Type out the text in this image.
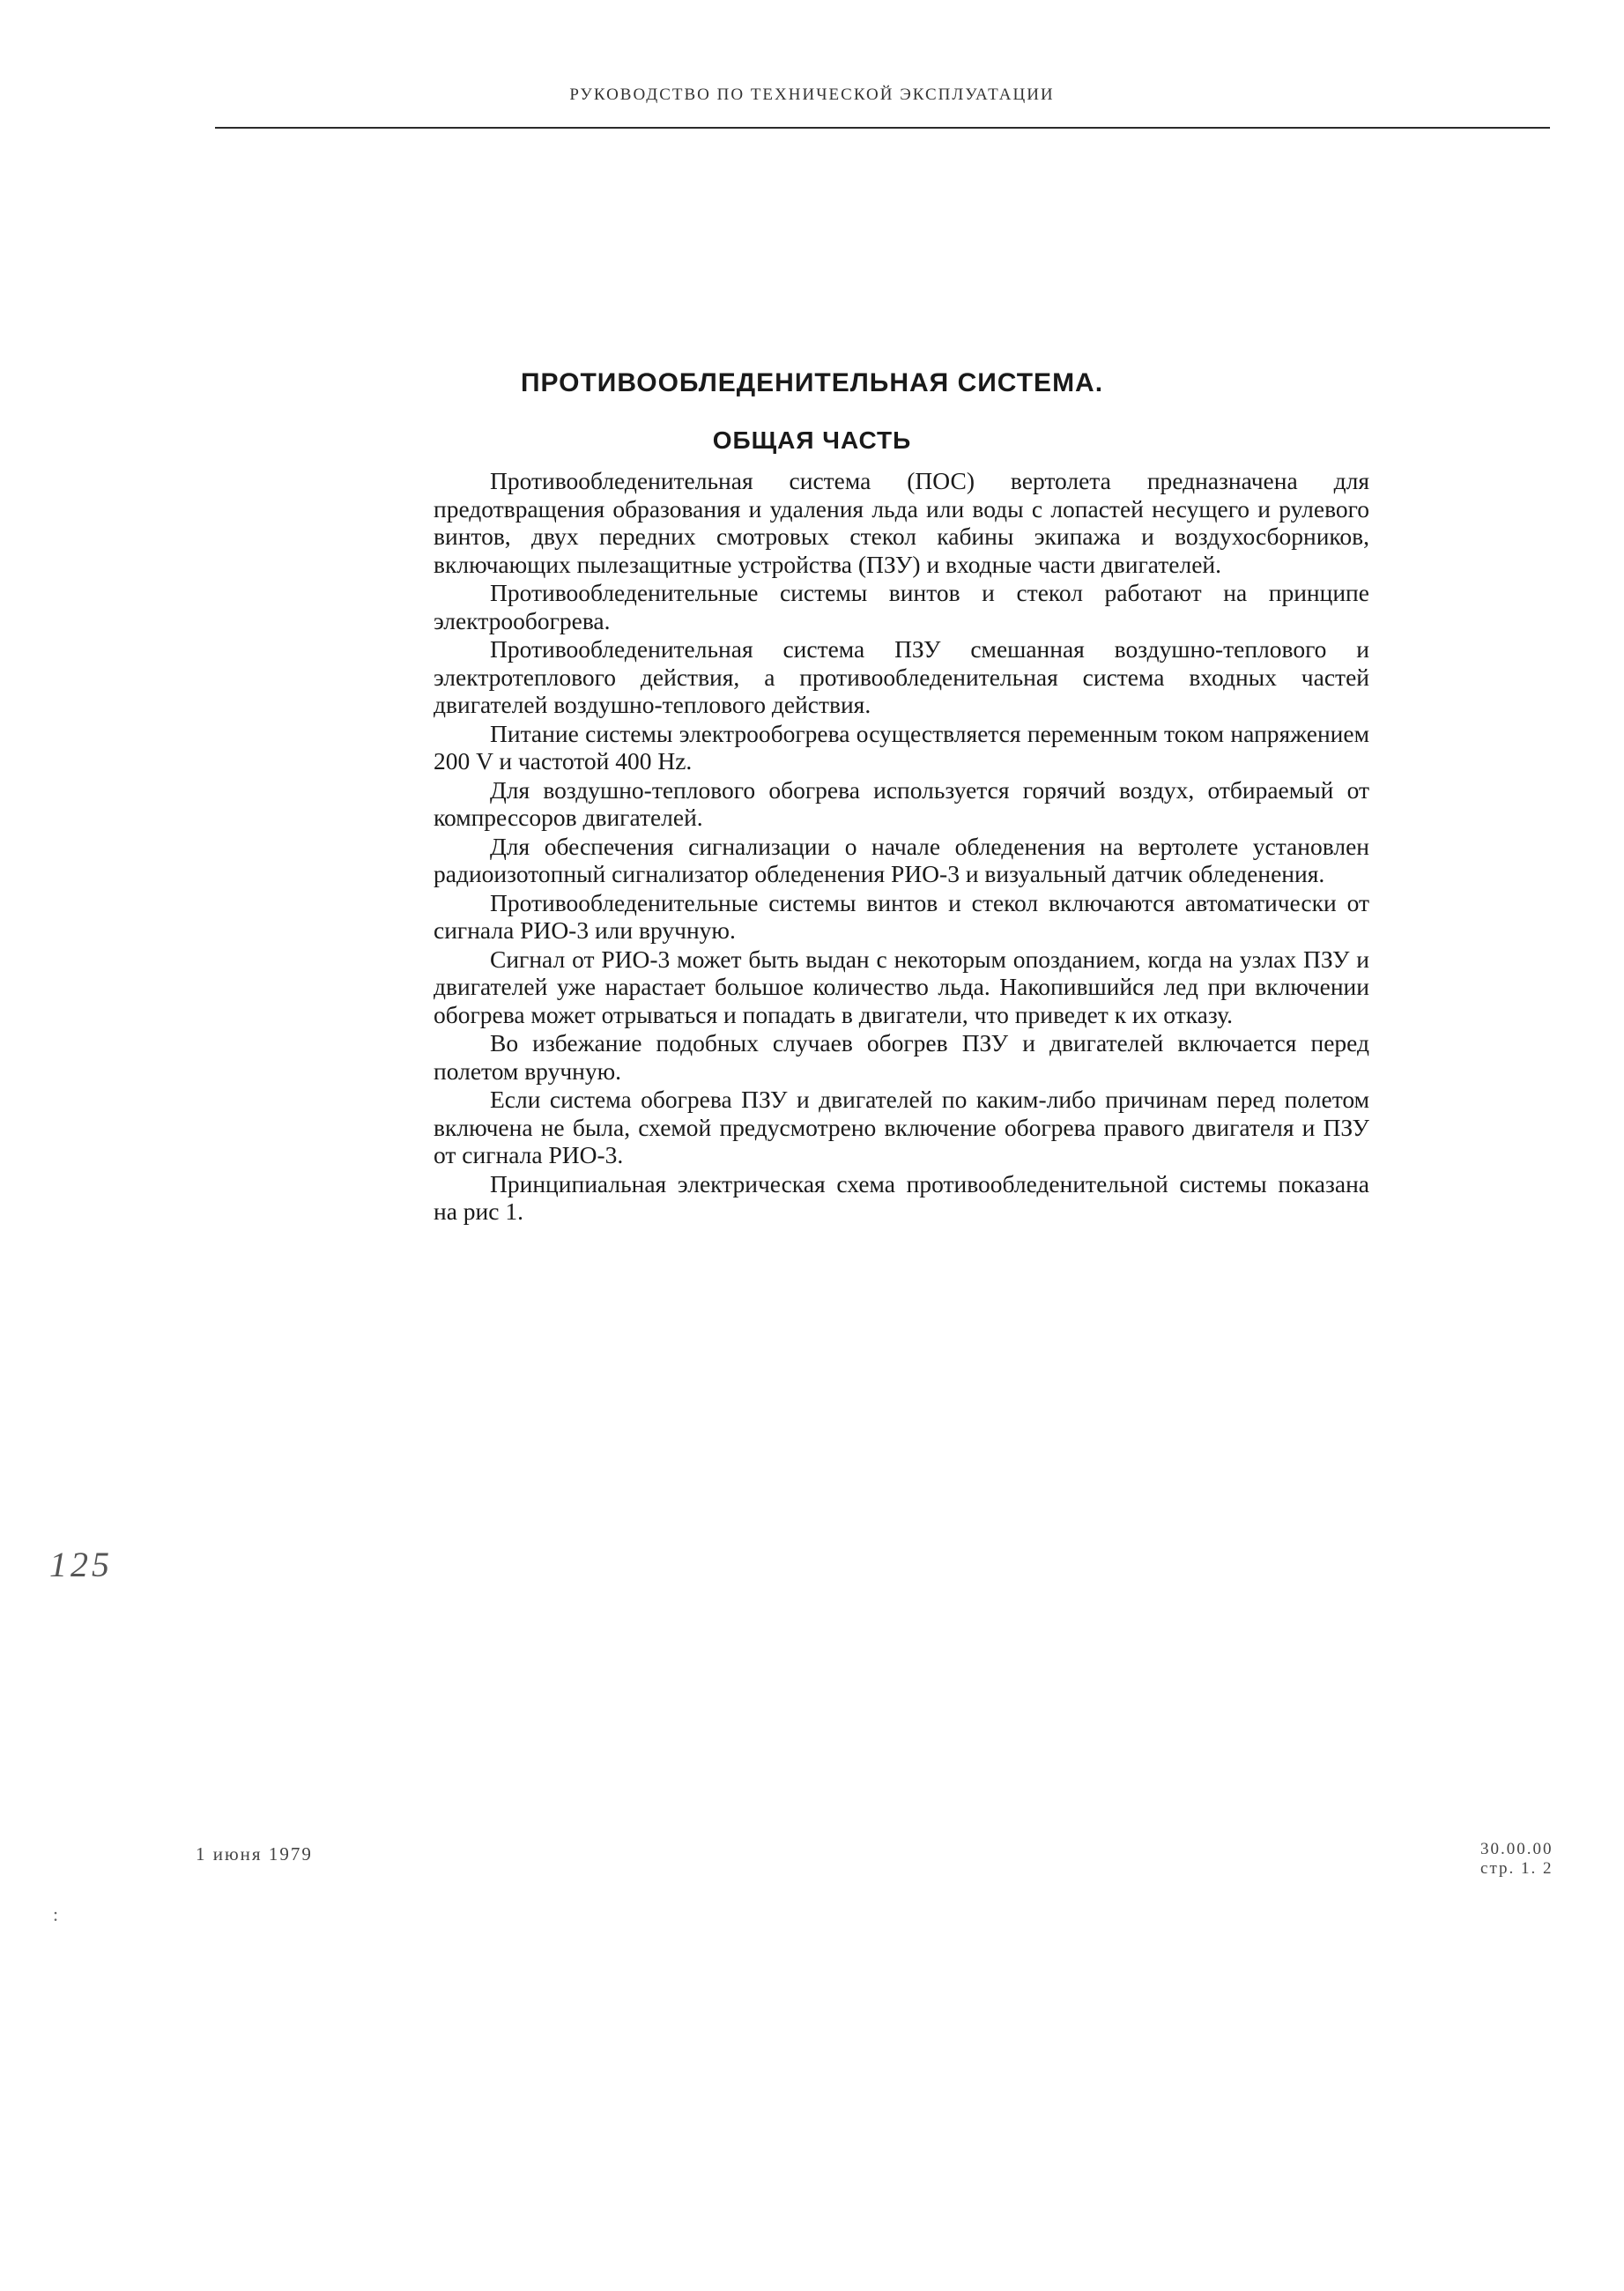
РУКОВОДСТВО ПО ТЕХНИЧЕСКОЙ ЭКСПЛУАТАЦИИ
ПРОТИВООБЛЕДЕНИТЕЛЬНАЯ СИСТЕМА.
ОБЩАЯ ЧАСТЬ

Противообледенительная система (ПОС) вертолета предназначена для предотвращения образования и удаления льда или воды с лопастей несущего и рулевого винтов, двух передних смотровых стекол кабины экипажа и воздухосборников, включающих пылезащитные устройства (ПЗУ) и входные части двигателей.

Противообледенительные системы винтов и стекол работают на принципе электрообогрева.

Противообледенительная система ПЗУ смешанная воздушно-теплового и электротеплового действия, а противообледенительная система входных частей двигателей воздушно-теплового действия.

Питание системы электрообогрева осуществляется переменным током напряжением 200 V и частотой 400 Hz.

Для воздушно-теплового обогрева используется горячий воздух, отбираемый от компрессоров двигателей.

Для обеспечения сигнализации о начале обледенения на вертолете установлен радиоизотопный сигнализатор обледенения РИО-3 и визуальный датчик обледенения.

Противообледенительные системы винтов и стекол включаются автоматически от сигнала РИО-3 или вручную.

Сигнал от РИО-3 может быть выдан с некоторым опозданием, когда на узлах ПЗУ и двигателей уже нарастает большое количество льда. Накопившийся лед при включении обогрева может отрываться и попадать в двигатели, что приведет к их отказу.

Во избежание подобных случаев обогрев ПЗУ и двигателей включается перед полетом вручную.

Если система обогрева ПЗУ и двигателей по каким-либо причинам перед полетом включена не была, схемой предусмотрено включение обогрева правого двигателя и ПЗУ от сигнала РИО-3.

Принципиальная электрическая схема противообледенительной системы показана на рис 1.

125
:
1 июня 1979	30.00.00
стр. 1. 2
